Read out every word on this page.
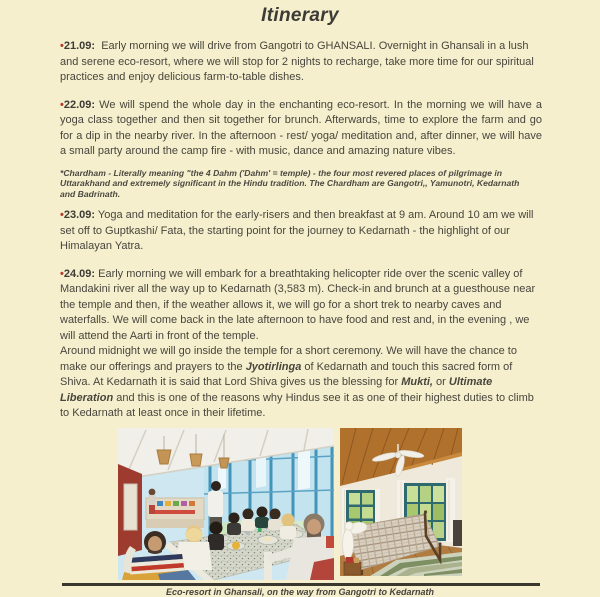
Itinerary

•21.09: Early morning we will drive from Gangotri to GHANSALI. Overnight in Ghansali in a lush and serene eco-resort, where we will stop for 2 nights to recharge, take more time for our spiritual practices and enjoy delicious farm-to-table dishes.

•22.09: We will spend the whole day in the enchanting eco-resort. In the morning we will have a yoga class together and then sit together for brunch. Afterwards, time to explore the farm and go for a dip in the nearby river. In the afternoon - rest/ yoga/ meditation and, after dinner, we will have a small party around the camp fire - with music, dance and amazing nature vibes.

*Chardham - Literally meaning "the 4 Dahm ('Dahm' = temple) - the four most revered places of pilgrimage in Uttarakhand and extremely significant in the Hindu tradition. The Chardham are Gangotri,, Yamunotri, Kedarnath and Badrinath.

•23.09: Yoga and meditation for the early-risers and then breakfast at 9 am. Around 10 am we will set off to Guptkashi/ Fata, the starting point for the journey to Kedarnath - the highlight of our Himalayan Yatra.

•24.09: Early morning we will embark for a breathtaking helicopter ride over the scenic valley of Mandakini river all the way up to Kedarnath (3,583 m). Check-in and brunch at a guesthouse near the temple and then, if the weather allows it, we will go for a short trek to nearby caves and waterfalls. We will come back in the late afternoon to have food and rest and, in the evening , we will attend the Aarti in front of the temple.
Around midnight we will go inside the temple for a short ceremony. We will have the chance to make our offerings and prayers to the Jyotirlinga of Kedarnath and touch this sacred form of Shiva. At Kedarnath it is said that Lord Shiva gives us the blessing for Mukti, or Ultimate Liberation and this is one of the reasons why Hindus see it as one of their highest duties to climb to Kedarnath at least once in their lifetime.

Eco-resort in Ghansali, on the way from Gangotri to Kedarnath
